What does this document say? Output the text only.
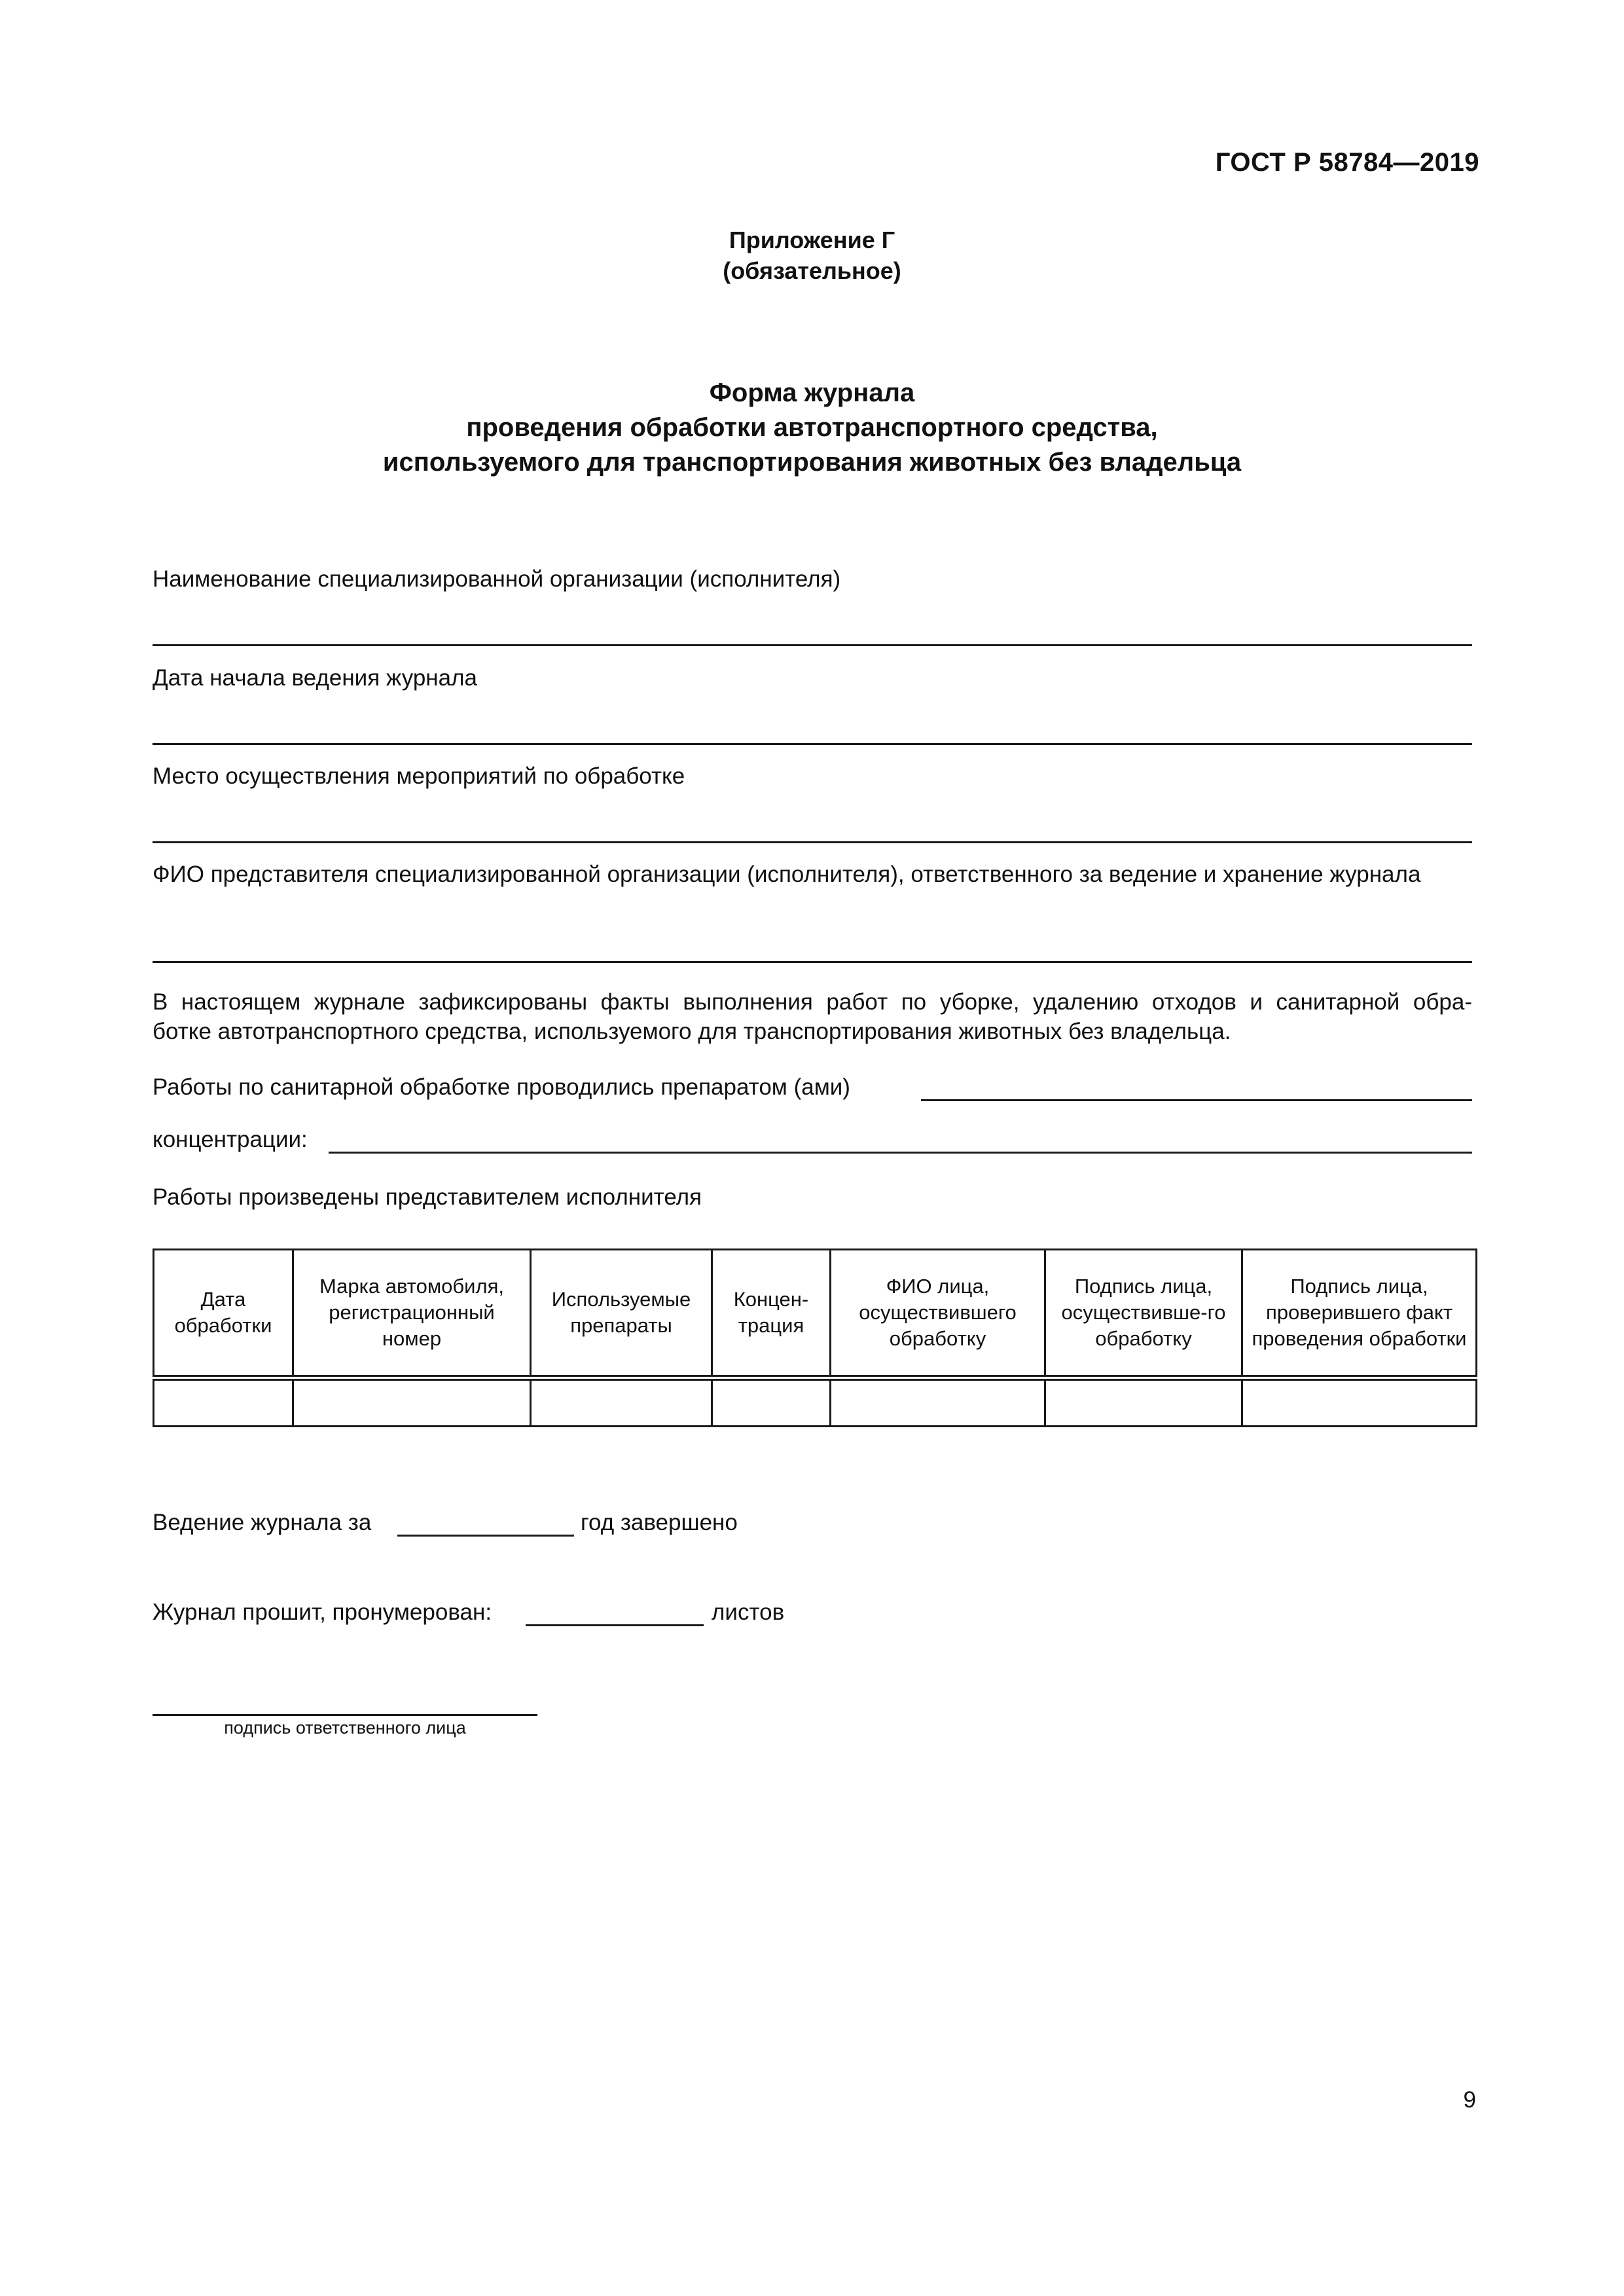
ГОСТ Р 58784—2019
Приложение Г
(обязательное)
Форма журнала
проведения обработки автотранспортного средства,
используемого для транспортирования животных без владельца
Наименование специализированной организации (исполнителя)
Дата начала ведения журнала
Место осуществления мероприятий по обработке
ФИО представителя специализированной организации (исполнителя), ответственного за ведение и хранение журнала
В настоящем журнале зафиксированы факты выполнения работ по уборке, удалению отходов и санитарной обра-
ботке автотранспортного средства, используемого для транспортирования животных без владельца.
Работы по санитарной обработке проводились препаратом (ами)
концентрации:
Работы произведены представителем исполнителя
Дата обработки	Марка автомобиля, регистрационный номер	Используемые препараты	Концен-трация	ФИО лица, осуществившего обработку	Подпись лица, осуществивше-го обработку	Подпись лица, проверившего факт проведения обработки

Ведение журнала за	год завершено
Журнал прошит, пронумерован:	листов
подпись ответственного лица
9
